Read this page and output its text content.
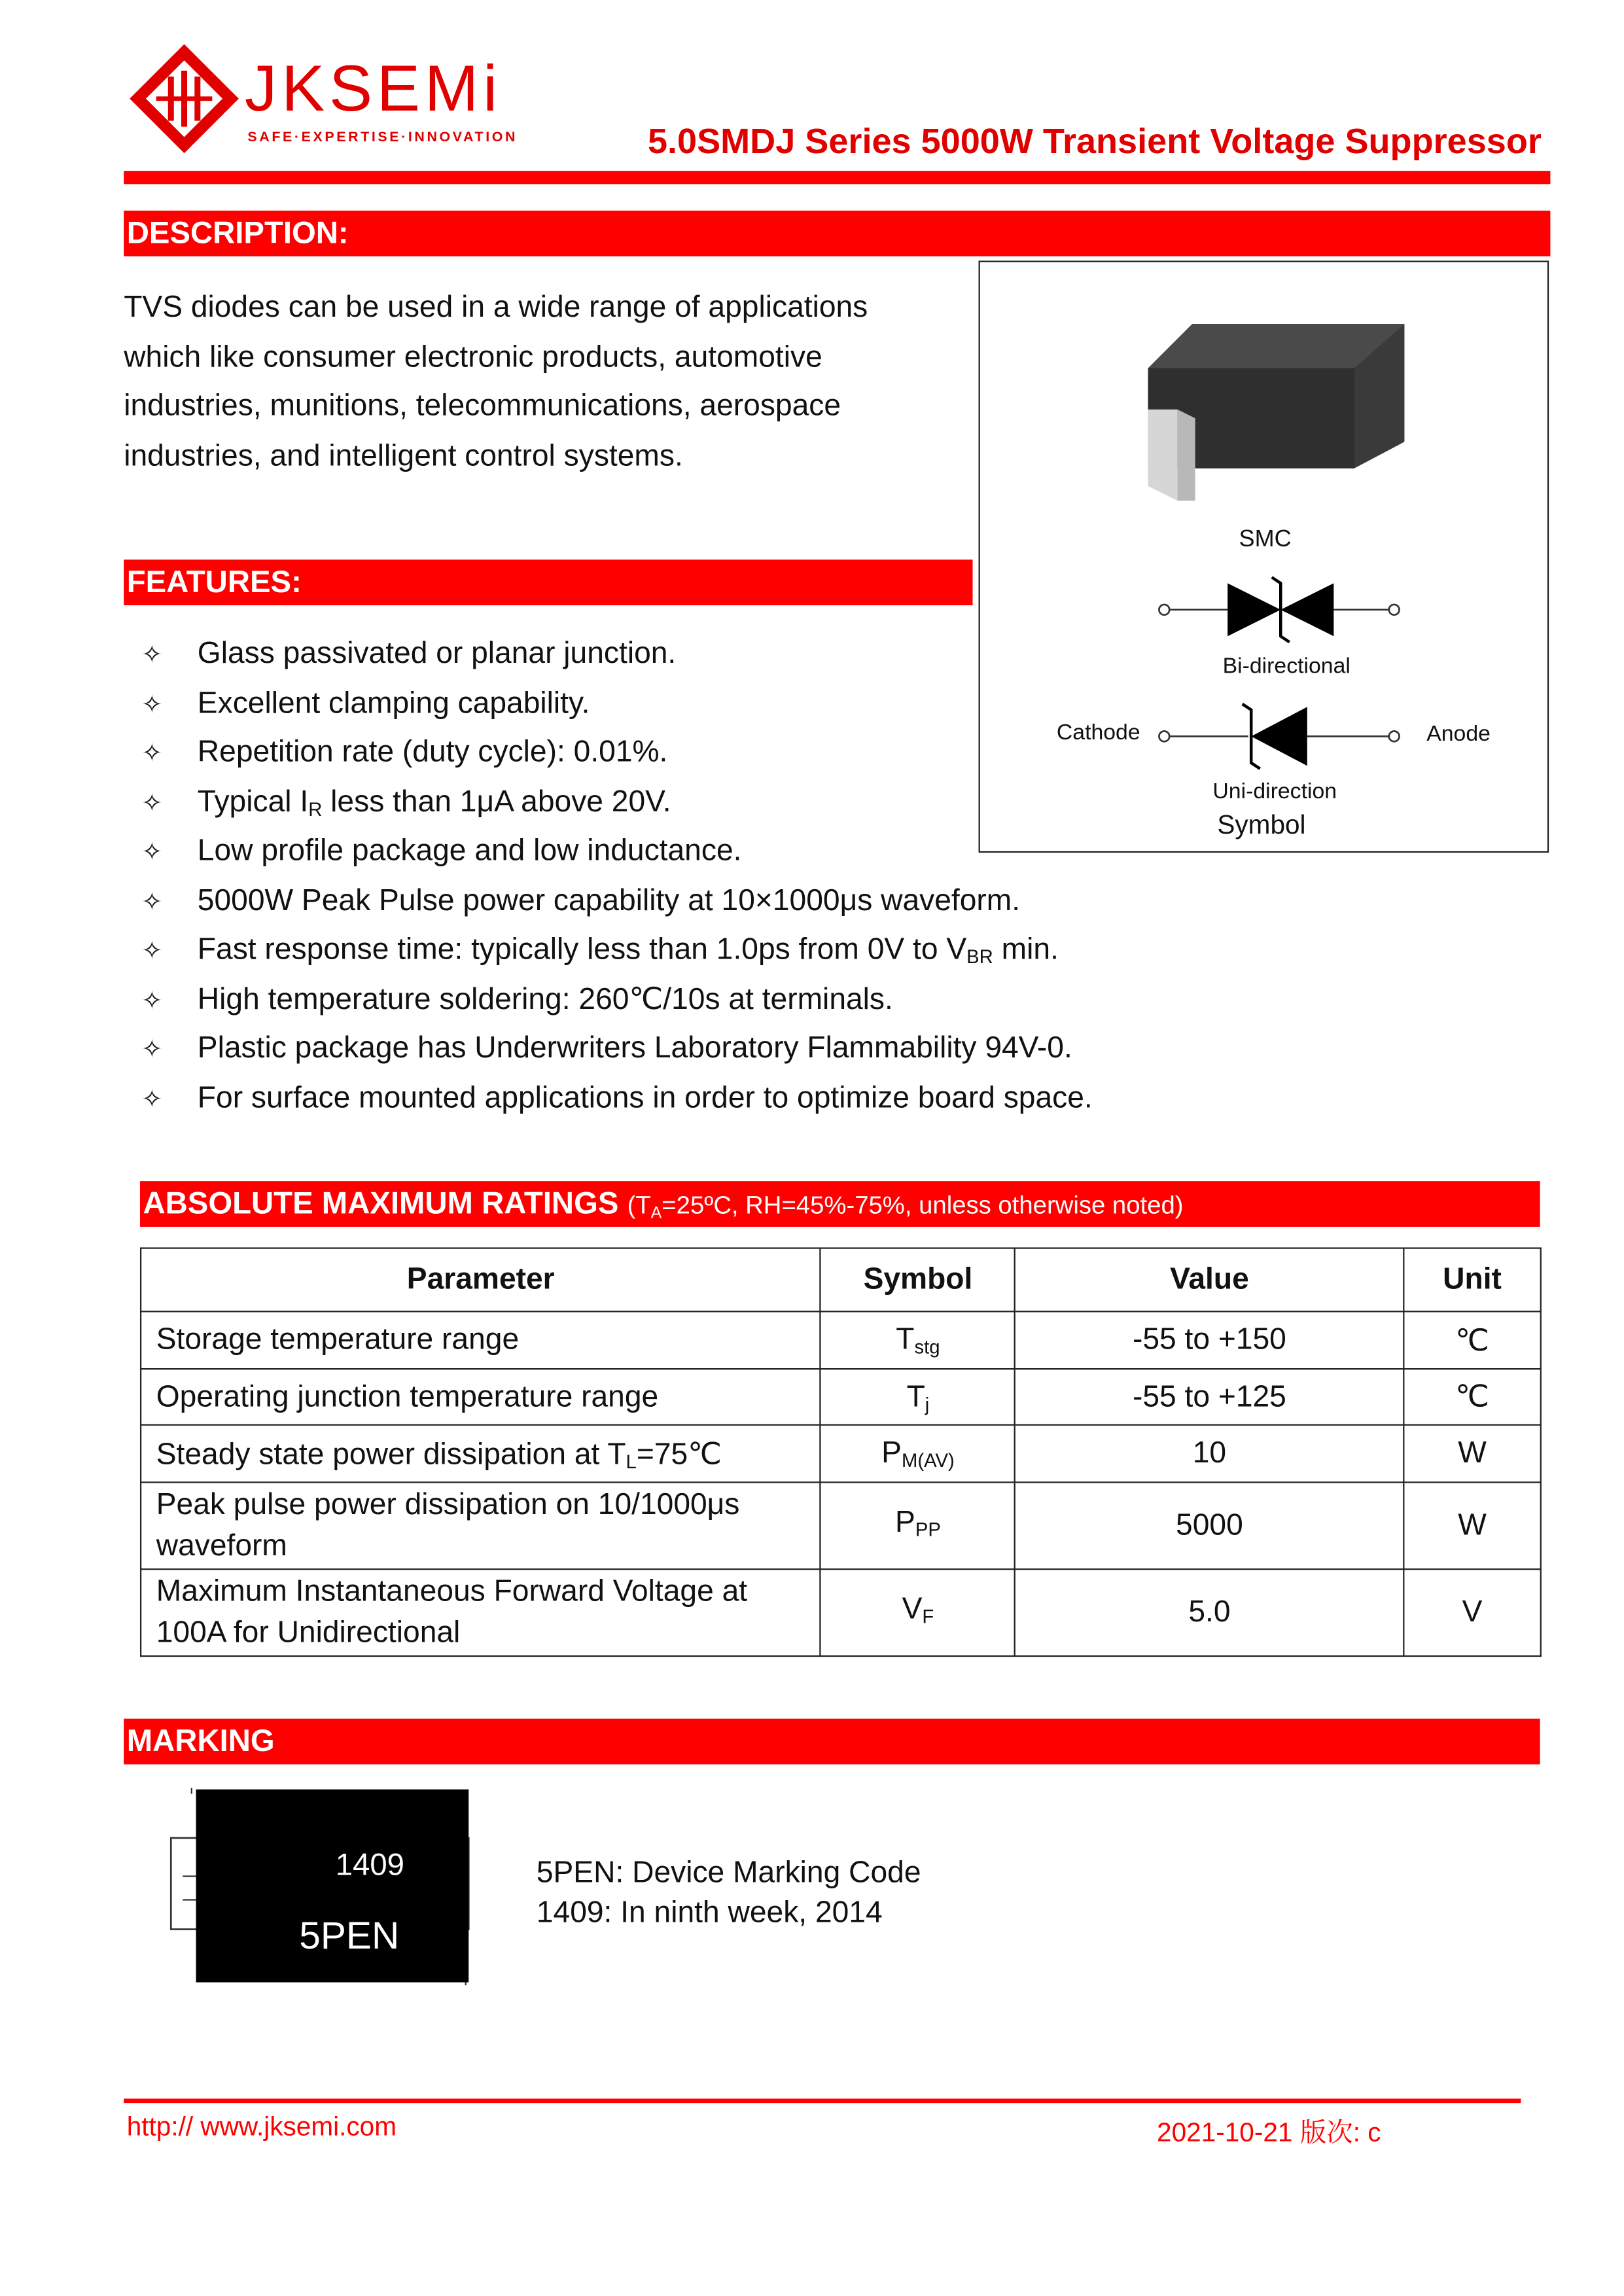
JKSEMi
SAFE·EXPERTISE·INNOVATION	5.0SMDJ Series 5000W Transient Voltage Suppressor
DESCRIPTION:
TVS diodes can be used in a wide range of applications
which like consumer electronic products, automotive
industries, munitions, telecommunications, aerospace
industries, and intelligent control systems.
SMC
Bi-directional
Cathode	Anode
Uni-direction
Symbol
FEATURES:
✧	Glass passivated or planar junction.
✧	Excellent clamping capability.
✧	Repetition rate (duty cycle): 0.01%.
✧	Typical $I_R$ less than 1μA above 20V.
✧	Low profile package and low inductance.
✧	5000W Peak Pulse power capability at 10×1000μs waveform.
✧	Fast response time: typically less than 1.0ps from 0V to $V_{BR}$ min.
✧	High temperature soldering: 260℃/10s at terminals.
✧	Plastic package has Underwriters Laboratory Flammability 94V-0.
✧	For surface mounted applications in order to optimize board space.
ABSOLUTE MAXIMUM RATINGS ($T_A=25ºC$, RH=45%-75%, unless otherwise noted)
Parameter	Symbol	Value	Unit
Storage temperature range	$T_{stg}$	-55 to +150	℃
Operating junction temperature range	$T_j$	-55 to +125	℃
Steady state power dissipation at $T_L=75℃$	$P_{M(AV)}$	10	W

Peak pulse power dissipation on 10/1000μs
waveform	$P_{PP}$	5000	W

Maximum Instantaneous Forward Voltage at
100A for Unidirectional	$V_F$	5.0	V
MARKING
1409
5PEN
5PEN: Device Marking Code
1409: In ninth week, 2014
http:// www.jksemi.com	2021-10-21 版次: c
